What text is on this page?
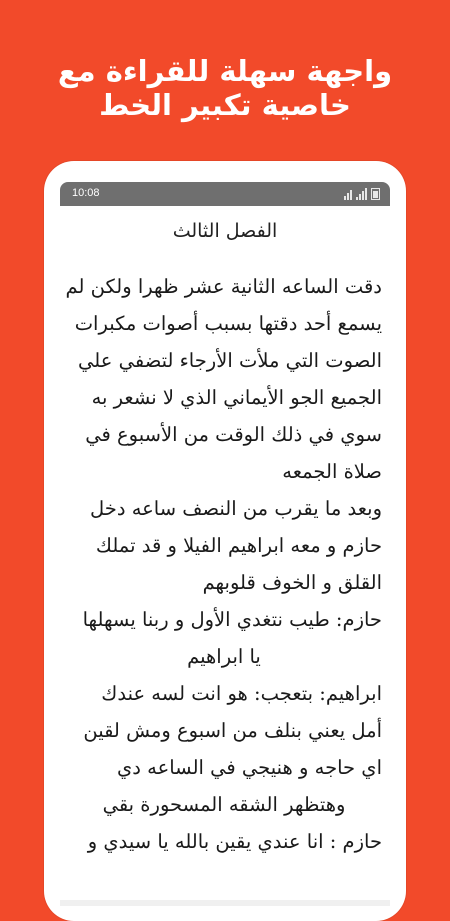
واجهة سهلة للقراءة مع
خاصية تكبير الخط
10:08
الفصل الثالث
دقت الساعه الثانية عشر ظهرا ولكن لم
يسمع أحد دقتها بسبب أصوات مكبرات
الصوت التي ملأت الأرجاء لتضفي علي
الجميع الجو الأيماني الذي لا نشعر به
سوي في ذلك الوقت من الأسبوع في
صلاة الجمعه
وبعد ما يقرب من النصف ساعه دخل
حازم و معه ابراهيم الفيلا و قد تملك
القلق و الخوف قلوبهم
حازم: طيب نتغدي الأول و ربنا يسهلها
يا ابراهيم
ابراهيم: بتعجب: هو انت لسه عندك
أمل يعني بنلف من اسبوع ومش لقين
اي حاجه و هنيجي في الساعه دي
وهتظهر الشقه المسحورة بقي
حازم : انا عندي يقين بالله يا سيدي و
